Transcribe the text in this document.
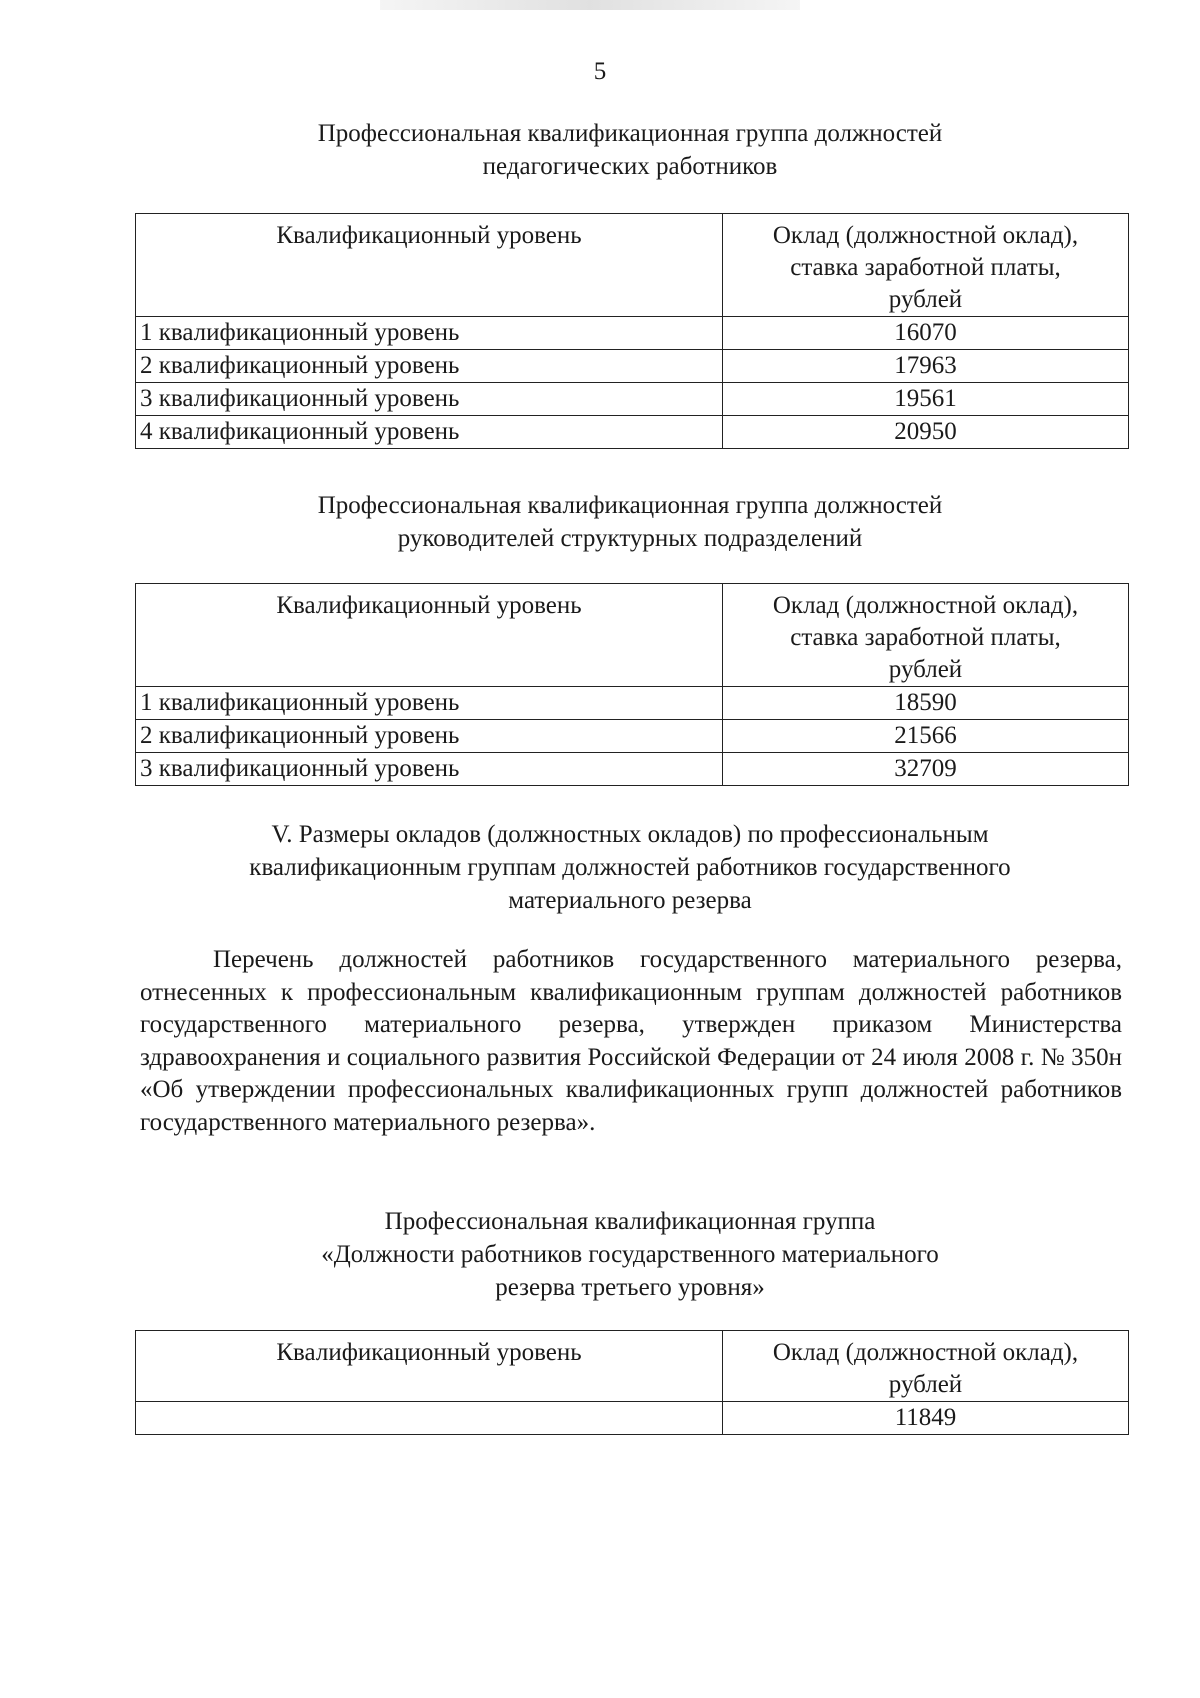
5
Профессиональная квалификационная группа должностей
педагогических работников
Квалификационный уровень	Оклад (должностной оклад),
ставка заработной платы,
рублей

1 квалификационный уровень	16070
2 квалификационный уровень	17963
3 квалификационный уровень	19561
4 квалификационный уровень	20950
Профессиональная квалификационная группа должностей
руководителей структурных подразделений
Квалификационный уровень	Оклад (должностной оклад),
ставка заработной платы,
рублей

1 квалификационный уровень	18590
2 квалификационный уровень	21566
3 квалификационный уровень	32709
V. Размеры окладов (должностных окладов) по профессиональным
квалификационным группам должностей работников государственного
материального резерва
Перечень должностей работников государственного материального резерва, отнесенных к профессиональным квалификационным группам должностей работников государственного материального резерва, утвержден приказом Министерства здравоохранения и социального развития Российской Федерации от 24 июля 2008 г. № 350н «Об утверждении профессиональных квалификационных групп должностей работников государственного материального резерва».
Профессиональная квалификационная группа
«Должности работников государственного материального
резерва третьего уровня»
Квалификационный уровень	Оклад (должностной оклад),
рублей

	11849
